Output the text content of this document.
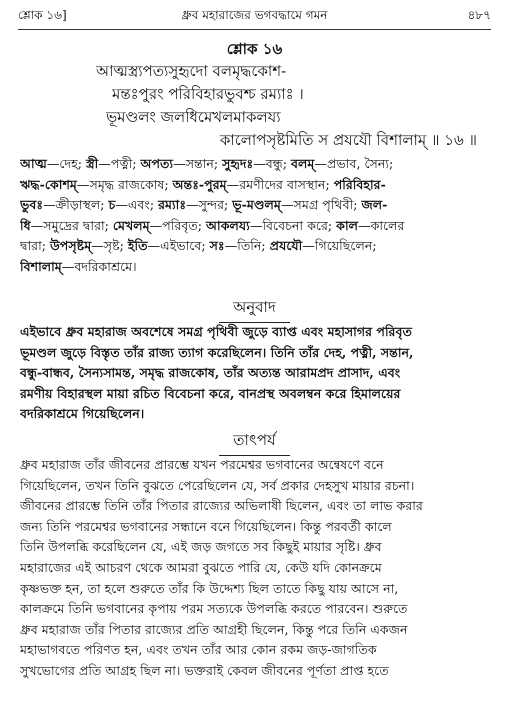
শ্লোক ১৬]	ধ্রুব মহারাজের ভগবদ্ধামে গমন	৪৮৭
শ্লোক ১৬
আত্মস্ত্র্যপত্যসুহৃদো বলমৃদ্ধকোশ-
মন্তঃপুরং পরিবিহারভুবশ্চ রম্যাঃ ।
ভূমণ্ডলং জলধিমেখলমাকলয্য
কালোপসৃষ্টমিতি স প্রযযৌ বিশালাম্ ॥ ১৬ ॥
আত্ম—দেহ; স্ত্রী—পত্নী; অপত্য—সন্তান; সুহৃদঃ—বন্ধু; বলম্—প্রভাব, সৈন্য;
ঋদ্ধ-কোশম্—সমৃদ্ধ রাজকোষ; অন্তঃ-পুরম্—রমণীদের বাসস্থান; পরিবিহার-
ভুবঃ—ক্রীড়াস্থল; চ—এবং; রম্যাঃ—সুন্দর; ভূ-মণ্ডলম্—সমগ্র পৃথিবী; জল-
ধি—সমুদ্রের দ্বারা; মেখলম্—পরিবৃত; আকলয্য—বিবেচনা করে; কাল—কালের
দ্বারা; উপসৃষ্টম্—সৃষ্ট; ইতি—এইভাবে; সঃ—তিনি; প্রযযৌ—গিয়েছিলেন;
বিশালাম্—বদরিকাশ্রমে।
অনুবাদ
এইভাবে ধ্রুব মহারাজ অবশেষে সমগ্র পৃথিবী জুড়ে ব্যাপ্ত এবং মহাসাগর পরিবৃত
ভূমণ্ডল জুড়ে বিস্তৃত তাঁর রাজ্য ত্যাগ করেছিলেন। তিনি তাঁর দেহ, পত্নী, সন্তান,
বন্ধু-বান্ধব, সৈন্যসামন্ত, সমৃদ্ধ রাজকোষ, তাঁর অত্যন্ত আরামপ্রদ প্রাসাদ, এবং
রমণীয় বিহারস্থল মায়া রচিত বিবেচনা করে, বানপ্রস্থ অবলম্বন করে হিমালয়ের
বদরিকাশ্রমে গিয়েছিলেন।
তাৎপর্য
ধ্রুব মহারাজ তাঁর জীবনের প্রারম্ভে যখন পরমেশ্বর ভগবানের অন্বেষণে বনে
গিয়েছিলেন, তখন তিনি বুঝতে পেরেছিলেন যে, সর্ব প্রকার দেহসুখ মায়ার রচনা।
জীবনের প্রারম্ভে তিনি তাঁর পিতার রাজ্যের অভিলাষী ছিলেন, এবং তা লাভ করার
জন্য তিনি পরমেশ্বর ভগবানের সন্ধানে বনে গিয়েছিলেন। কিন্তু পরবর্তী কালে
তিনি উপলব্ধি করেছিলেন যে, এই জড় জগতে সব কিছুই মায়ার সৃষ্টি। ধ্রুব
মহারাজের এই আচরণ থেকে আমরা বুঝতে পারি যে, কেউ যদি কোনক্রমে
কৃষ্ণভক্ত হন, তা হলে শুরুতে তাঁর কি উদ্দেশ্য ছিল তাতে কিছু যায় আসে না,
কালক্রমে তিনি ভগবানের কৃপায় পরম সত্যকে উপলব্ধি করতে পারবেন। শুরুতে
ধ্রুব মহারাজ তাঁর পিতার রাজ্যের প্রতি আগ্রহী ছিলেন, কিন্তু পরে তিনি একজন
মহাভাগবতে পরিণত হন, এবং তখন তাঁর আর কোন রকম জড়-জাগতিক
সুখভোগের প্রতি আগ্রহ ছিল না। ভক্তরাই কেবল জীবনের পূর্ণতা প্রাপ্ত হতে
